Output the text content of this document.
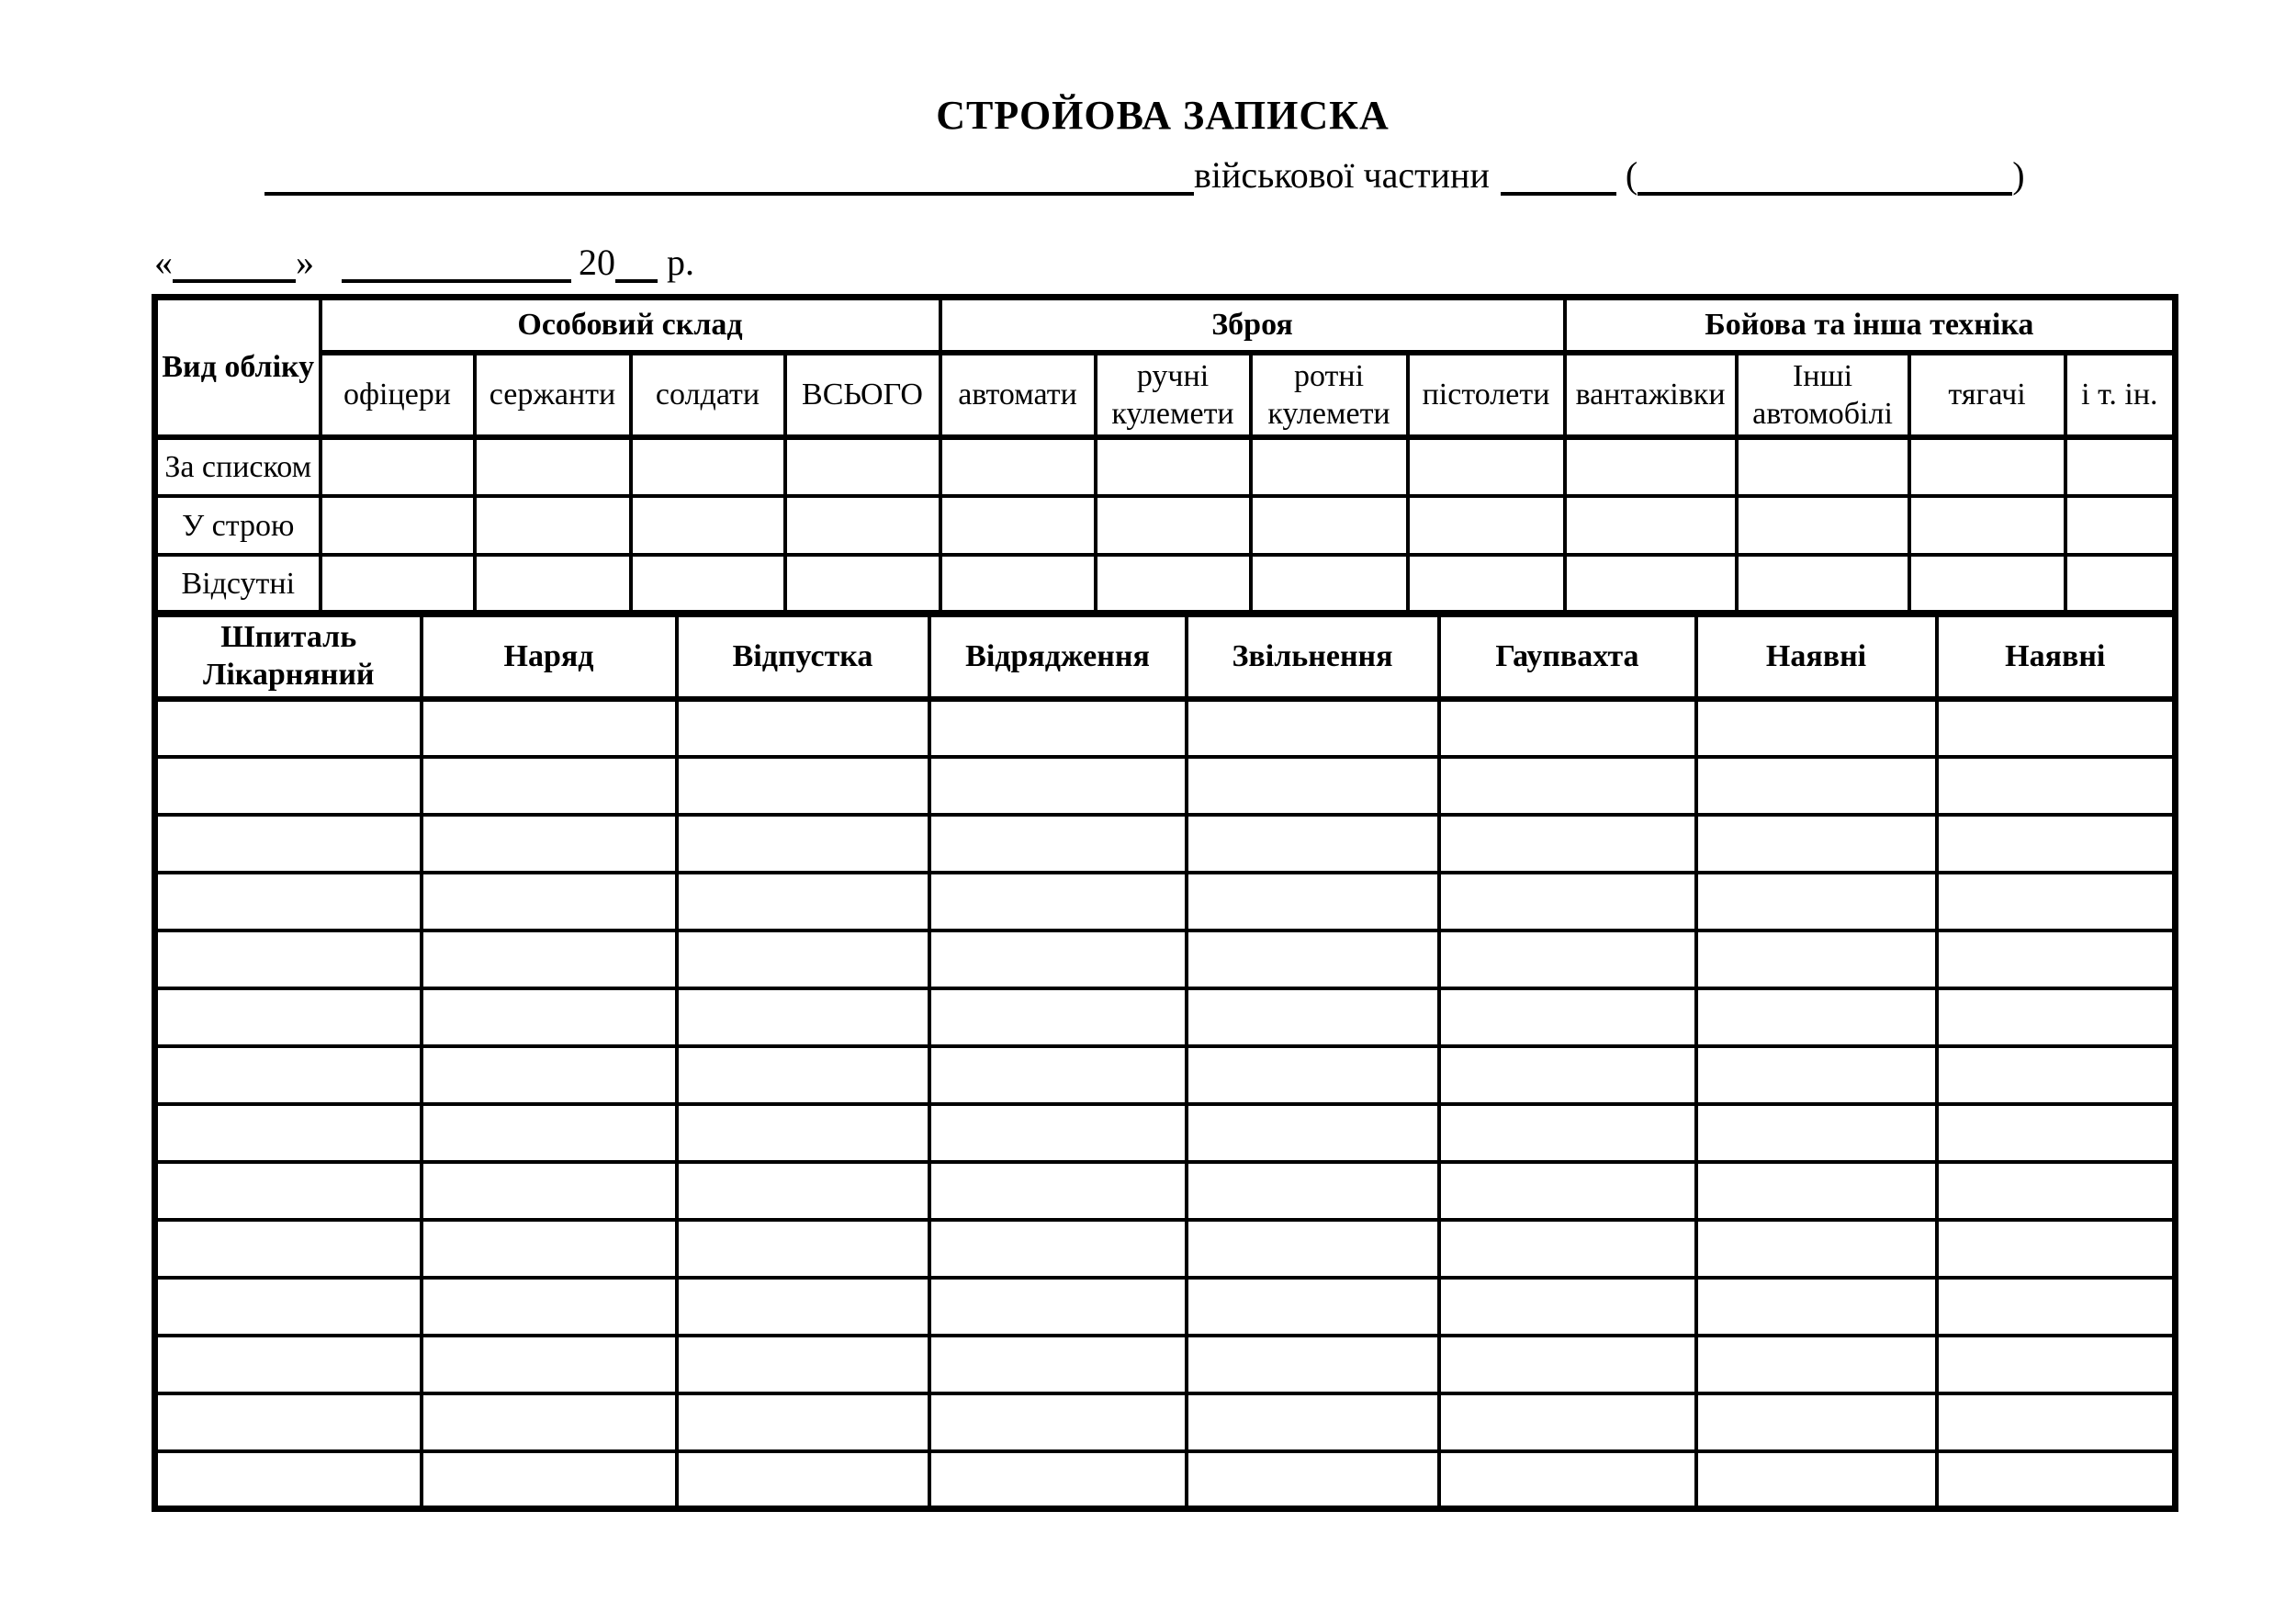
СТРОЙОВА ЗАПИСКА
військової частини	(	)
«	»	20 р.
Вид обліку	Особовий склад				Зброя				Бойова та інша техніка			
	офіцери	сержанти	солдати	ВСЬОГО	автомати	ручні кулемети	ротні кулемети	пістолети	вантажівки	Інші автомобілі	тягачі	і т. ін.
За списком												
У строю												
Відсутні												
Шпиталь Лікарняний	Наряд	Відпустка	Відрядження	Звільнення	Гаупвахта	Наявні	Наявні
